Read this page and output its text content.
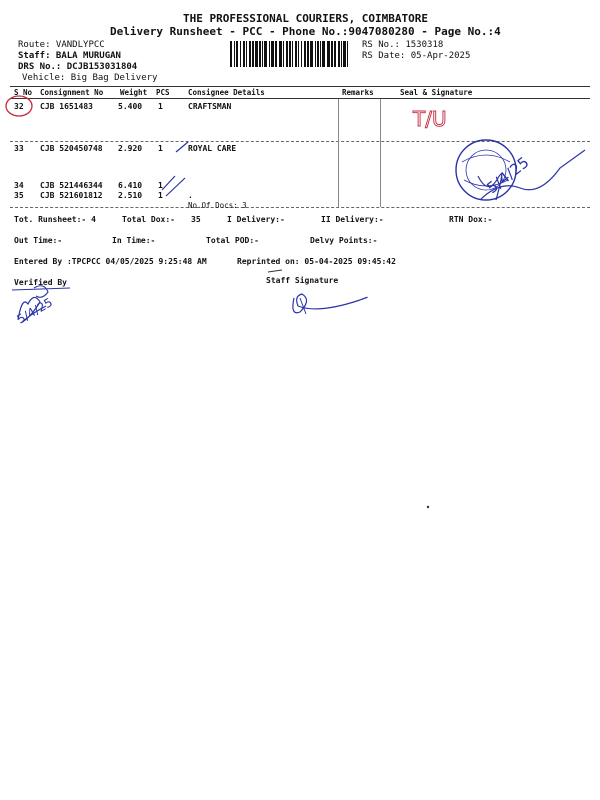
THE PROFESSIONAL COURIERS, COIMBATORE
Delivery Runsheet - PCC - Phone No.:9047080280 - Page No.:4
Route: VANDLYPCC
Staff: BALA MURUGAN
DRS No.: DCJB153031804
Vehicle: Big Bag Delivery

RS No.: 1530318
RS Date: 05-Apr-2025
S No Consignment No Weight PCS Consignee Details	Remarks	Seal & Signature
32 CJB 1651483	5.400 1	CRAFTSMAN
33 CJB 520450748 2.920 1	ROYAL CARE
34 CJB 521446344 6.410 1
35 CJB 521601812 2.510 1	.
No.Of Docs: 3
Tot. Runsheet:- 4	Total Dox:- 35	I Delivery:-	II Delivery:-	RTN Dox:-
Out Time:-	In Time:-	Total POD:-	Delvy Points:-
Entered By :TPCPCC 04/05/2025 9:25:48 AM	Reprinted on: 05-04-2025 09:45:42
Verified By	Staff Signature
T/U
5/4/25
5/4/25
